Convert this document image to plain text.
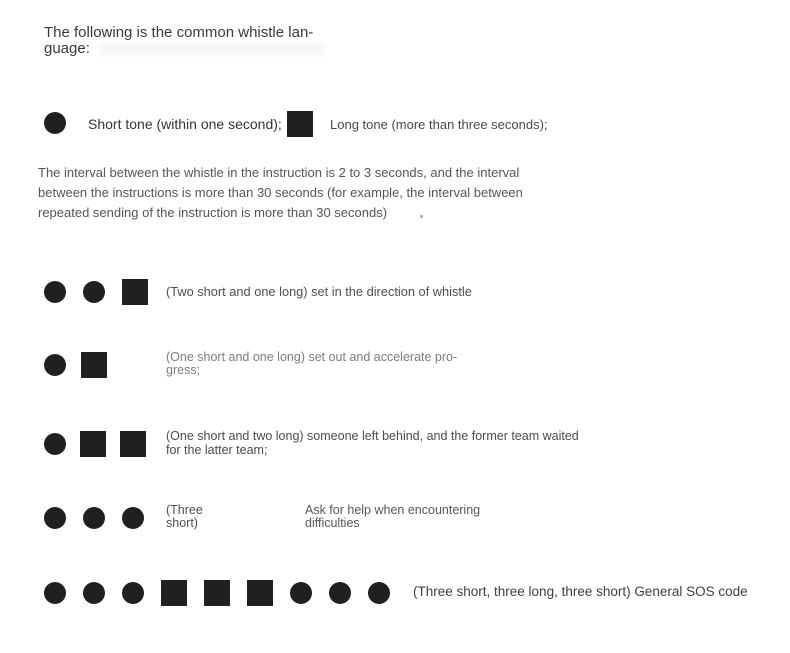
The following is the common whistle lan-
guage:
Short tone (within one second);	Long tone (more than three seconds);
The interval between the whistle in the instruction is 2 to 3 seconds, and the interval
between the instructions is more than 30 seconds (for example, the interval between
repeated sending of the instruction is more than 30 seconds)
(Two short and one long) set in the direction of whistle
(One short and one long) set out and accelerate pro-
gress;
(One short and two long) someone left behind, and the former team waited
for the latter team;
(Three
short)
Ask for help when encountering
difficulties
(Three short, three long, three short) General SOS code
